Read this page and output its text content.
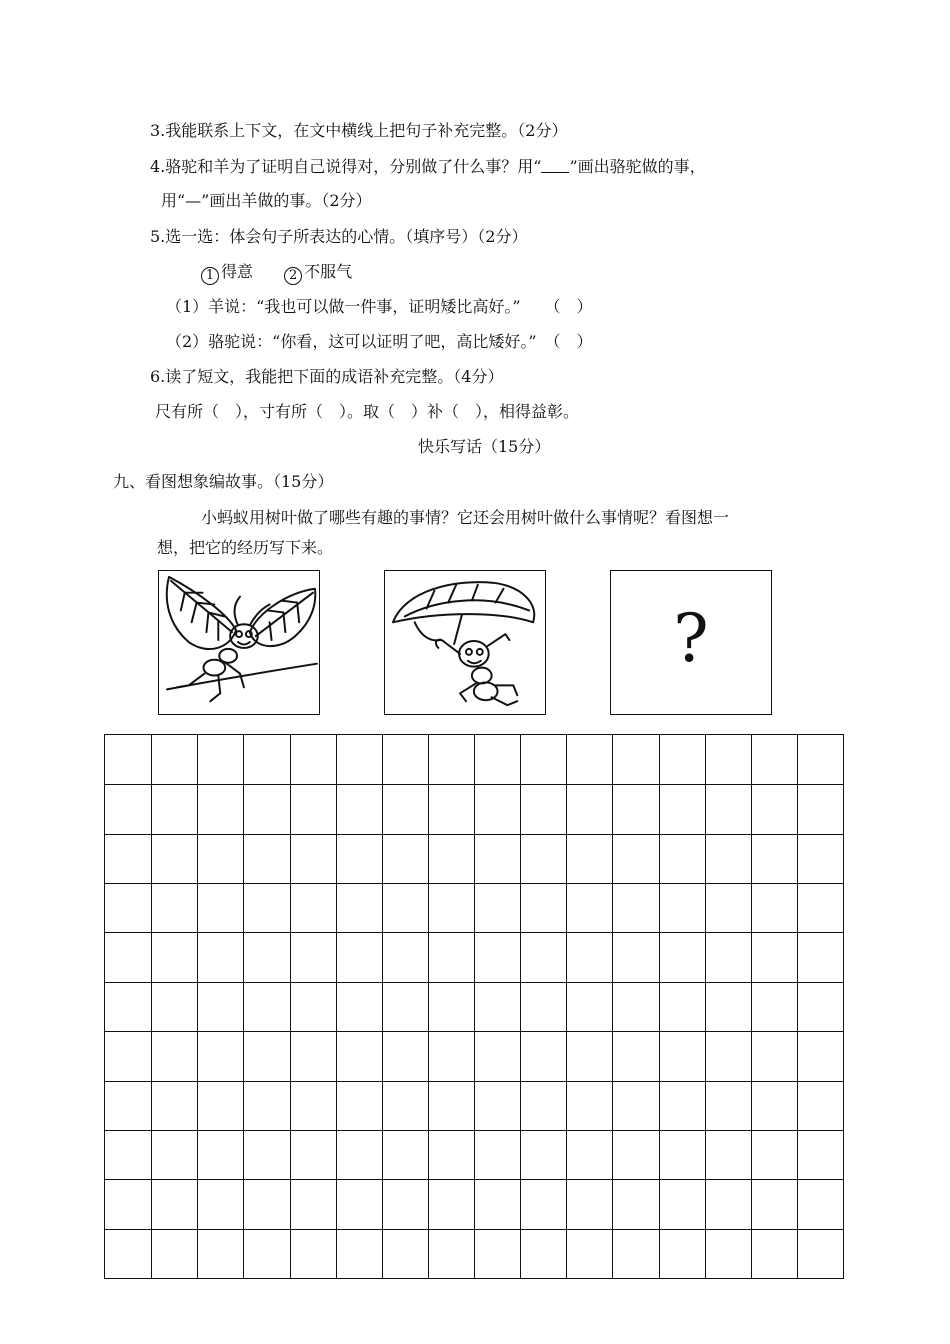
3.我能联系上下文，在文中横线上把句子补充完整。（2分）
4.骆驼和羊为了证明自己说得对，分别做了什么事？用“ ”画出骆驼做的事，
用“—”画出羊做的事。（2分）
5.选一选：体会句子所表达的心情。（填序号）（2分）
1 得意	2 不服气
（1）羊说：“我也可以做一件事，证明矮比高好。”　　（　）
（2）骆驼说：“你看，这可以证明了吧，高比矮好。”　（　）
6.读了短文，我能把下面的成语补充完整。（4分）
尺有所（　），寸有所（　）。取（　）补（　），相得益彰。
快乐写话（15分）
九、看图想象编故事。（15分）
小蚂蚁用树叶做了哪些有趣的事情？它还会用树叶做什么事情呢？看图想一
想，把它的经历写下来。
?
